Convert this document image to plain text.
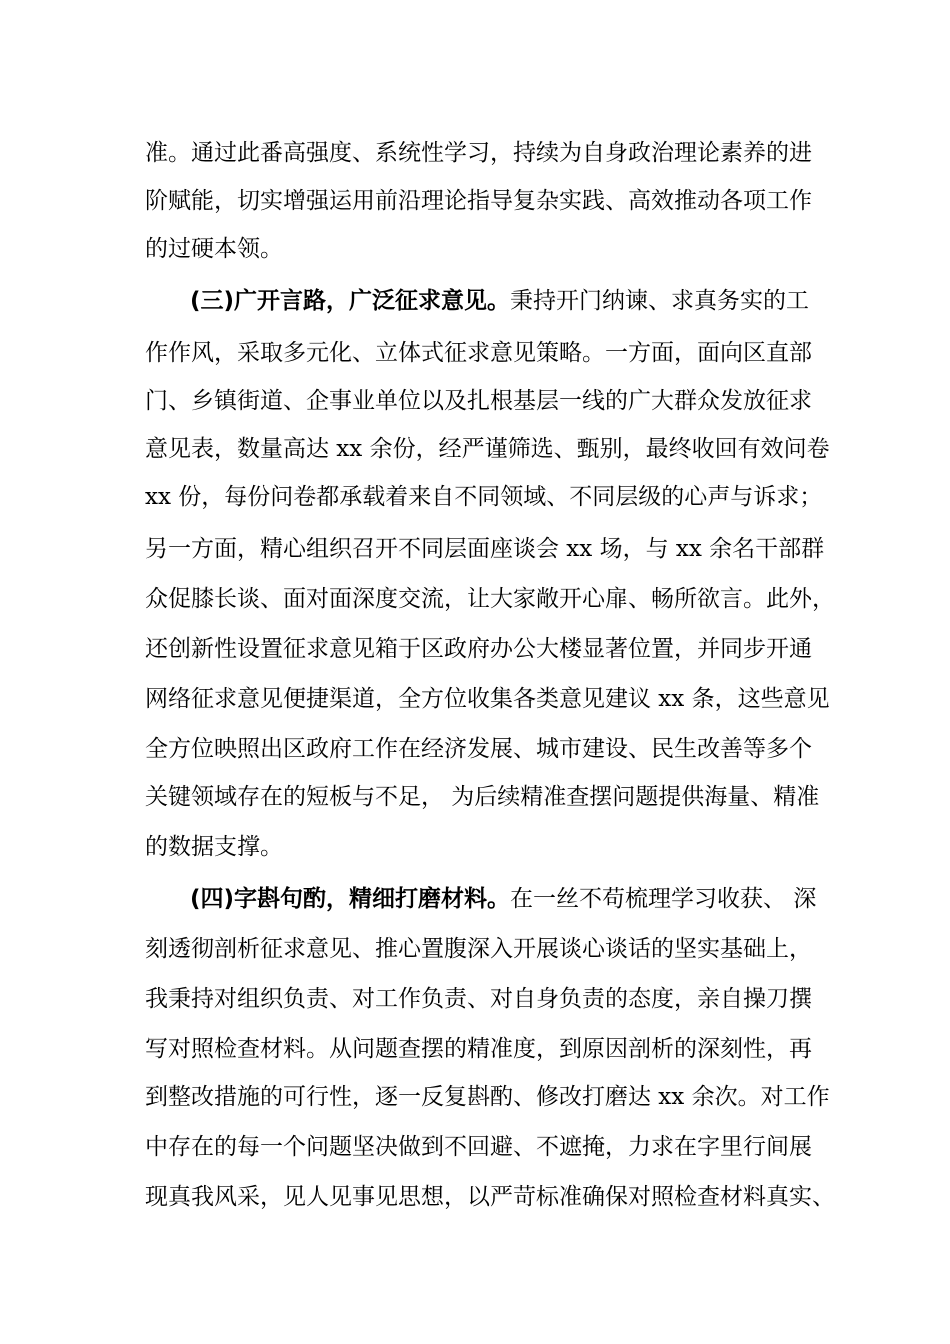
准。通过此番高强度、系统性学习，持续为自身政治理论素养的进
阶赋能，切实增强运用前沿理论指导复杂实践、高效推动各项工作
的过硬本领。
(三)广开言路，广泛征求意见。秉持开门纳谏、求真务实的工
作作风，采取多元化、立体式征求意见策略。一方面，面向区直部
门、乡镇街道、企事业单位以及扎根基层一线的广大群众发放征求
意见表，数量高达 xx 余份，经严谨筛选、甄别，最终收回有效问卷
xx 份，每份问卷都承载着来自不同领域、不同层级的心声与诉求；
另一方面，精心组织召开不同层面座谈会 xx 场，与 xx 余名干部群
众促膝长谈、面对面深度交流，让大家敞开心扉、畅所欲言。此外，
还创新性设置征求意见箱于区政府办公大楼显著位置，并同步开通
网络征求意见便捷渠道，全方位收集各类意见建议 xx 条，这些意见
全方位映照出区政府工作在经济发展、城市建设、民生改善等多个
关键领域存在的短板与不足， 为后续精准查摆问题提供海量、精准
的数据支撑。
(四)字斟句酌，精细打磨材料。在一丝不苟梳理学习收获、 深
刻透彻剖析征求意见、推心置腹深入开展谈心谈话的坚实基础上，
我秉持对组织负责、对工作负责、对自身负责的态度，亲自操刀撰
写对照检查材料。从问题查摆的精准度，到原因剖析的深刻性，再
到整改措施的可行性，逐一反复斟酌、修改打磨达 xx 余次。对工作
中存在的每一个问题坚决做到不回避、不遮掩，力求在字里行间展
现真我风采，见人见事见思想，以严苛标准确保对照检查材料真实、
